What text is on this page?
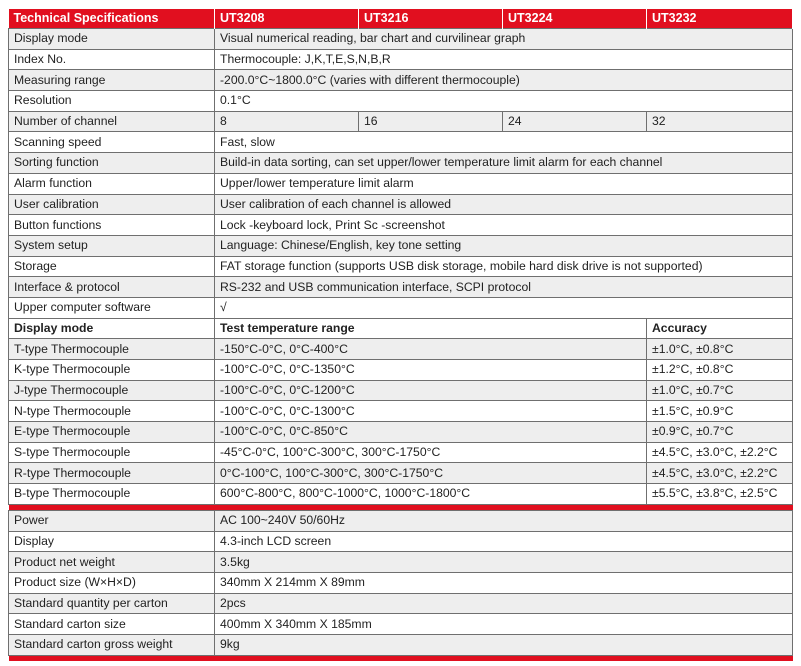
Technical Specifications	UT3208	UT3216	UT3224	UT3232
Display mode	Visual numerical reading, bar chart and curvilinear graph			
Index No.	Thermocouple: J,K,T,E,S,N,B,R			
Measuring range	-200.0°C~1800.0°C (varies with different thermocouple)			
Resolution	0.1°C			
Number of channel	8	16	24	32
Scanning speed	Fast, slow			
Sorting function	Build-in data sorting, can set upper/lower temperature limit alarm for each channel			
Alarm function	Upper/lower temperature limit alarm			
User calibration	User calibration of each channel is allowed			
Button functions	Lock -keyboard lock, Print Sc -screenshot			
System setup	Language: Chinese/English, key tone setting			
Storage	FAT storage function (supports USB disk storage, mobile hard disk drive is not supported)			
Interface & protocol	RS-232 and USB communication interface, SCPI protocol			
Upper computer software	√			
Display mode	Test temperature range			Accuracy
T-type Thermocouple	-150°C-0°C, 0°C-400°C			±1.0°C, ±0.8°C
K-type Thermocouple	-100°C-0°C, 0°C-1350°C			±1.2°C, ±0.8°C
J-type Thermocouple	-100°C-0°C, 0°C-1200°C			±1.0°C, ±0.7°C
N-type Thermocouple	-100°C-0°C, 0°C-1300°C			±1.5°C, ±0.9°C
E-type Thermocouple	-100°C-0°C, 0°C-850°C			±0.9°C, ±0.7°C
S-type Thermocouple	-45°C-0°C, 100°C-300°C, 300°C-1750°C			±4.5°C, ±3.0°C, ±2.2°C
R-type Thermocouple	0°C-100°C, 100°C-300°C, 300°C-1750°C			±4.5°C, ±3.0°C, ±2.2°C
B-type Thermocouple	600°C-800°C, 800°C-1000°C, 1000°C-1800°C			±5.5°C, ±3.8°C, ±2.5°C

Power	AC 100~240V 50/60Hz			
Display	4.3-inch LCD screen			
Product net weight	3.5kg			
Product size (W×H×D)	340mm X 214mm X 89mm			
Standard quantity per carton	2pcs			
Standard carton size	400mm X 340mm X 185mm			
Standard carton gross weight	9kg			
